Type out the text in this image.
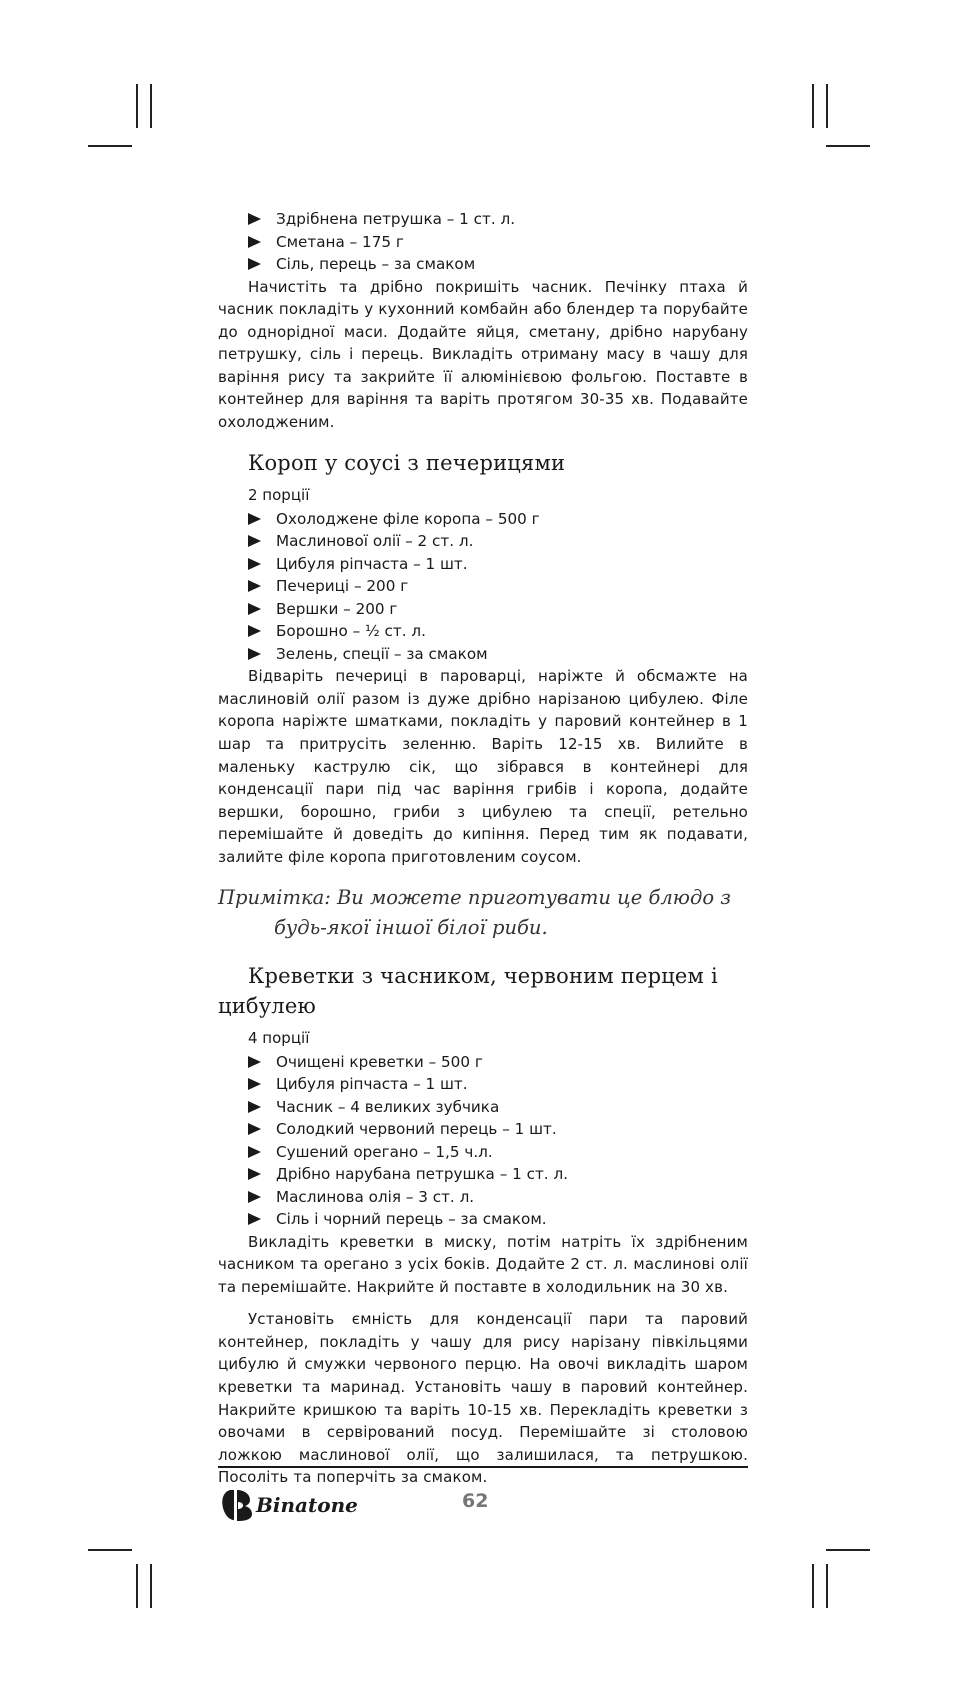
Здрібнена петрушка – 1 ст. л.
Сметана – 175 г
Сіль, перець – за смаком

Начистіть та дрібно покришіть часник. Печінку птаха й часник покладіть у кухонний комбайн або блендер та порубайте до однорідної маси. Додайте яйця, сметану, дрібно нарубану петрушку, сіль і перець. Викладіть отриману масу в чашу для варіння рису та закрийте її алюмінієвою фольгою. Поставте в контейнер для варіння та варіть протягом 30-35 хв. Подавайте охолодженим.

Короп у соусі з печерицями
2 порції
Охолоджене філе коропа – 500 г
Маслинової олії – 2 ст. л.
Цибуля ріпчаста – 1 шт.
Печериці – 200 г
Вершки – 200 г
Борошно – ½ ст. л.
Зелень, спеції – за смаком

Відваріть печериці в пароварці, наріжте й обсмажте на маслиновій олії разом із дуже дрібно нарізаною цибулею. Філе коропа наріжте шматками, покладіть у паровий контейнер в 1 шар та притрусіть зеленню. Варіть 12-15 хв. Вилийте в маленьку каструлю сік, що зібрався в контейнері для конденсації пари під час варіння грибів і коропа, додайте вершки, борошно, гриби з цибулею та спеції, ретельно перемішайте й доведіть до кипіння. Перед тим як подавати, залийте філе коропа приготовленим соусом.

Примітка: Ви можете приготувати це блюдо з
будь-якої іншої білої риби.
Креветки з часником, червоним перцем і
цибулею
4 порції
Очищені креветки – 500 г
Цибуля ріпчаста – 1 шт.
Часник – 4 великих зубчика
Солодкий червоний перець – 1 шт.
Сушений орегано – 1,5 ч.л.
Дрібно нарубана петрушка – 1 ст. л.
Маслинова олія – 3 ст. л.
Сіль і чорний перець – за смаком.

Викладіть креветки в миску, потім натріть їх здрібненим часником та орегано з усіх боків. Додайте 2 ст. л. маслинові олії та перемішайте. Накрийте й поставте в холодильник на 30 хв.

Установіть ємність для конденсації пари та паровий контейнер, покладіть у чашу для рису нарізану півкільцями цибулю й смужки червоного перцю. На овочі викладіть шаром креветки та маринад. Установіть чашу в паровий контейнер. Накрийте кришкою та варіть 10-15 хв. Перекладіть креветки з овочами в сервірований посуд. Перемішайте зі столовою ложкою маслинової олії, що залишилася, та петрушкою. Посоліть та поперчіть за смаком.

Binatone	62
